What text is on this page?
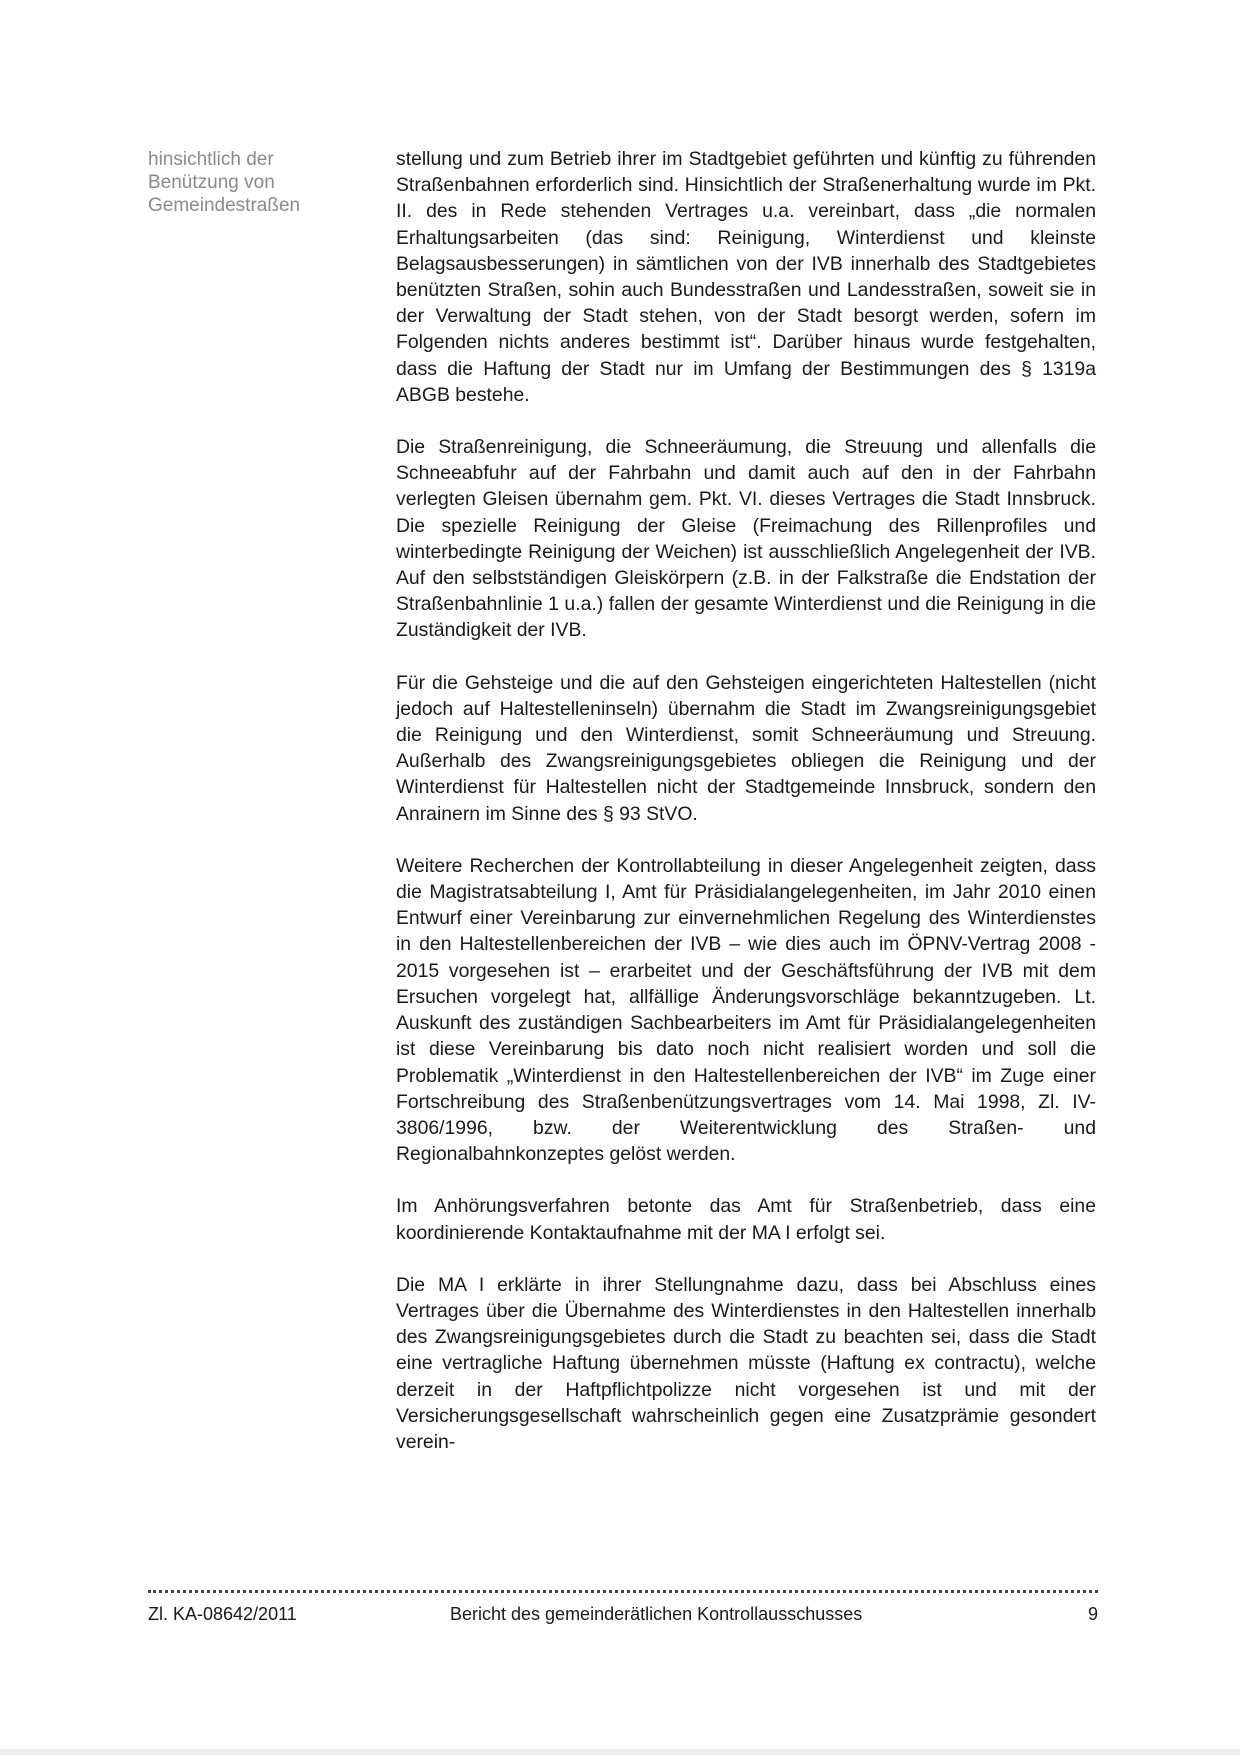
hinsichtlich der Benützung von Gemeindestraßen

stellung und zum Betrieb ihrer im Stadtgebiet geführten und künftig zu führenden Straßenbahnen erforderlich sind. Hinsichtlich der Straßenerhaltung wurde im Pkt. II. des in Rede stehenden Vertrages u.a. vereinbart, dass „die normalen Erhaltungsarbeiten (das sind: Reinigung, Winterdienst und kleinste Belagsausbesserungen) in sämtlichen von der IVB innerhalb des Stadtgebietes benützten Straßen, sohin auch Bundesstraßen und Landesstraßen, soweit sie in der Verwaltung der Stadt stehen, von der Stadt besorgt werden, sofern im Folgenden nichts anderes bestimmt ist“. Darüber hinaus wurde festgehalten, dass die Haftung der Stadt nur im Umfang der Bestimmungen des § 1319a ABGB bestehe.

Die Straßenreinigung, die Schneeräumung, die Streuung und allenfalls die Schneeabfuhr auf der Fahrbahn und damit auch auf den in der Fahrbahn verlegten Gleisen übernahm gem. Pkt. VI. dieses Vertrages die Stadt Innsbruck. Die spezielle Reinigung der Gleise (Freimachung des Rillenprofiles und winterbedingte Reinigung der Weichen) ist ausschließlich Angelegenheit der IVB. Auf den selbstständigen Gleiskörpern (z.B. in der Falkstraße die Endstation der Straßenbahnlinie 1 u.a.) fallen der gesamte Winterdienst und die Reinigung in die Zuständigkeit der IVB.

Für die Gehsteige und die auf den Gehsteigen eingerichteten Haltestellen (nicht jedoch auf Haltestelleninseln) übernahm die Stadt im Zwangsreinigungsgebiet die Reinigung und den Winterdienst, somit Schneeräumung und Streuung. Außerhalb des Zwangsreinigungsgebietes obliegen die Reinigung und der Winterdienst für Haltestellen nicht der Stadtgemeinde Innsbruck, sondern den Anrainern im Sinne des § 93 StVO.

Weitere Recherchen der Kontrollabteilung in dieser Angelegenheit zeigten, dass die Magistratsabteilung I, Amt für Präsidialangelegenheiten, im Jahr 2010 einen Entwurf einer Vereinbarung zur einvernehmlichen Regelung des Winterdienstes in den Haltestellenbereichen der IVB – wie dies auch im ÖPNV-Vertrag 2008 - 2015 vorgesehen ist – erarbeitet und der Geschäftsführung der IVB mit dem Ersuchen vorgelegt hat, allfällige Änderungsvorschläge bekanntzugeben. Lt. Auskunft des zuständigen Sachbearbeiters im Amt für Präsidialangelegenheiten ist diese Vereinbarung bis dato noch nicht realisiert worden und soll die Problematik „Winterdienst in den Haltestellenbereichen der IVB“ im Zuge einer Fortschreibung des Straßenbenützungsvertrages vom 14. Mai 1998, Zl. IV-3806/1996, bzw. der Weiterentwicklung des Straßen- und Regionalbahnkonzeptes gelöst werden.

Im Anhörungsverfahren betonte das Amt für Straßenbetrieb, dass eine koordinierende Kontaktaufnahme mit der MA I erfolgt sei.

Die MA I erklärte in ihrer Stellungnahme dazu, dass bei Abschluss eines Vertrages über die Übernahme des Winterdienstes in den Haltestellen innerhalb des Zwangsreinigungsgebietes durch die Stadt zu beachten sei, dass die Stadt eine vertragliche Haftung übernehmen müsste (Haftung ex contractu), welche derzeit in der Haftpflichtpolizze nicht vorgesehen ist und mit der Versicherungsgesellschaft wahrscheinlich gegen eine Zusatzprämie gesondert verein-

Zl. KA-08642/2011	Bericht des gemeinderätlichen Kontrollausschusses	9
